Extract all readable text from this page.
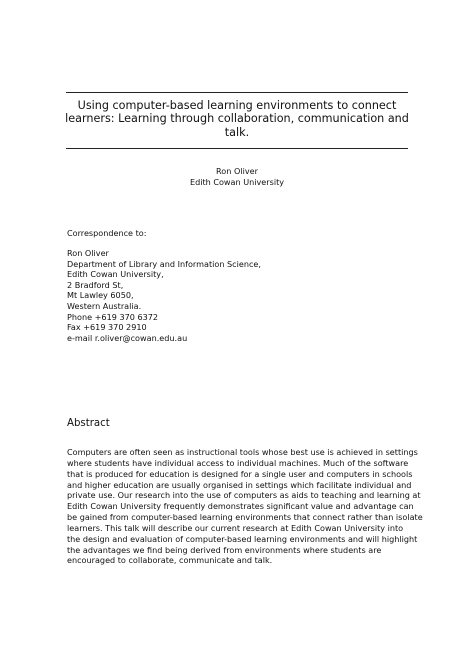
Using computer-based learning environments to connect
learners: Learning through collaboration, communication and
talk.
Ron Oliver
Edith Cowan University
Correspondence to:
Ron Oliver
Department of Library and Information Science,
Edith Cowan University,
2 Bradford St,
Mt Lawley 6050,
Western Australia.
Phone +619 370 6372
Fax +619 370 2910
e-mail r.oliver@cowan.edu.au
Abstract
Computers are often seen as instructional tools whose best use is achieved in settings
where students have individual access to individual machines. Much of the software
that is produced for education is designed for a single user and computers in schools
and higher education are usually organised in settings which facilitate individual and
private use. Our research into the use of computers as aids to teaching and learning at
Edith Cowan University frequently demonstrates significant value and advantage can
be gained from computer-based learning environments that connect rather than isolate
learners. This talk will describe our current research at Edith Cowan University into
the design and evaluation of computer-based learning environments and will highlight
the advantages we find being derived from environments where students are
encouraged to collaborate, communicate and talk.
